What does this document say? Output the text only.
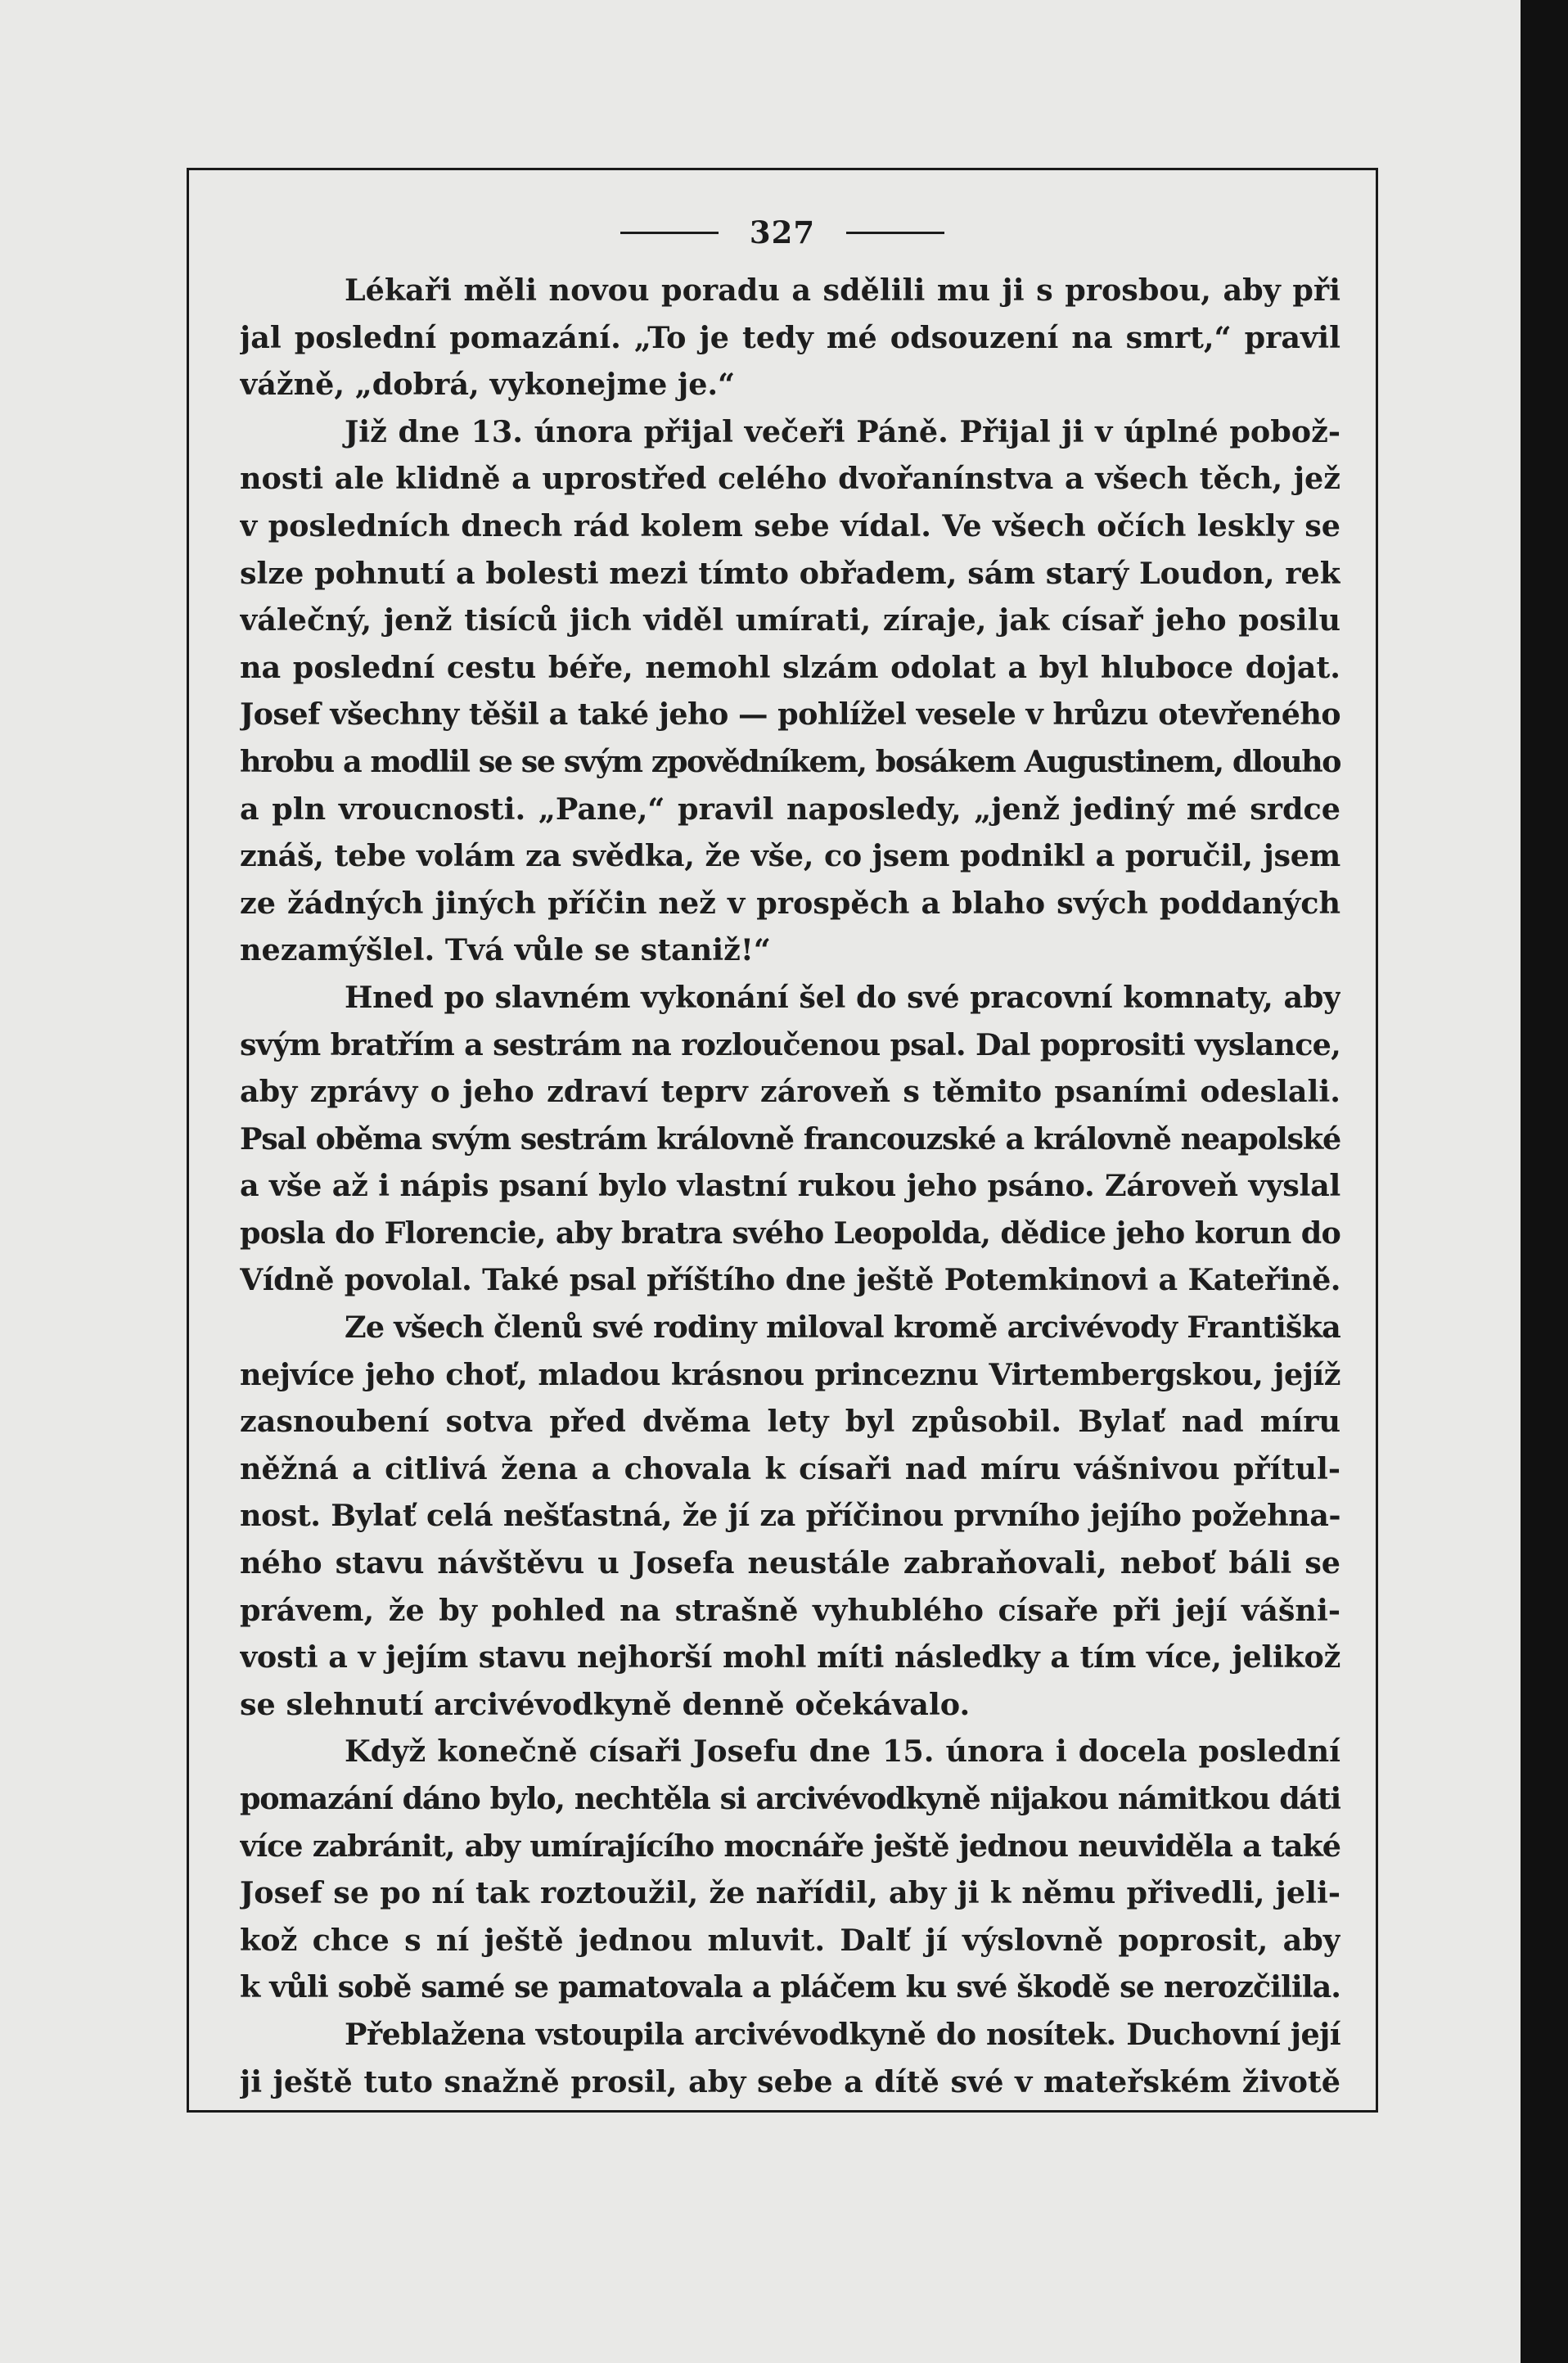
327
Lékaři měli novou poradu a sdělili mu ji s prosbou, aby při
jal poslední pomazání. „To je tedy mé odsouzení na smrt,“ pravil
vážně, „dobrá, vykonejme je.“
Již dne 13. února přijal večeři Páně. Přijal ji v úplné pobož-
nosti ale klidně a uprostřed celého dvořanínstva a všech těch, jež
v posledních dnech rád kolem sebe vídal. Ve všech očích leskly se
slze pohnutí a bolesti mezi tímto obřadem, sám starý Loudon, rek
válečný, jenž tisíců jich viděl umírati, zíraje, jak císař jeho posilu
na poslední cestu béře, nemohl slzám odolat a byl hluboce dojat.
Josef všechny těšil a také jeho — pohlížel vesele v hrůzu otevřeného
hrobu a modlil se se svým zpovědníkem, bosákem Augustinem, dlouho
a pln vroucnosti. „Pane,“ pravil naposledy, „jenž jediný mé srdce
znáš, tebe volám za svědka, že vše, co jsem podnikl a poručil, jsem
ze žádných jiných příčin než v prospěch a blaho svých poddaných
nezamýšlel. Tvá vůle se staniž!“
Hned po slavném vykonání šel do své pracovní komnaty, aby
svým bratřím a sestrám na rozloučenou psal. Dal poprositi vyslance,
aby zprávy o jeho zdraví teprv zároveň s těmito psaními odeslali.
Psal oběma svým sestrám královně francouzské a královně neapolské
a vše až i nápis psaní bylo vlastní rukou jeho psáno. Zároveň vyslal
posla do Florencie, aby bratra svého Leopolda, dědice jeho korun do
Vídně povolal. Také psal příštího dne ještě Potemkinovi a Kateřině.
Ze všech členů své rodiny miloval kromě arcivévody Františka
nejvíce jeho choť, mladou krásnou princeznu Virtembergskou, jejíž
zasnoubení sotva před dvěma lety byl způsobil. Bylať nad míru
něžná a citlivá žena a chovala k císaři nad míru vášnivou přítul-
nost. Bylať celá nešťastná, že jí za příčinou prvního jejího požehna-
ného stavu návštěvu u Josefa neustále zabraňovali, neboť báli se
právem, že by pohled na strašně vyhublého císaře při její vášni-
vosti a v jejím stavu nejhorší mohl míti následky a tím více, jelikož
se slehnutí arcivévodkyně denně očekávalo.
Když konečně císaři Josefu dne 15. února i docela poslední
pomazání dáno bylo, nechtěla si arcivévodkyně nijakou námitkou dáti
více zabránit, aby umírajícího mocnáře ještě jednou neuviděla a také
Josef se po ní tak roztoužil, že nařídil, aby ji k němu přivedli, jeli-
kož chce s ní ještě jednou mluvit. Dalť jí výslovně poprosit, aby
k vůli sobě samé se pamatovala a pláčem ku své škodě se nerozčilila.
Přeblažena vstoupila arcivévodkyně do nosítek. Duchovní její
ji ještě tuto snažně prosil, aby sebe a dítě své v mateřském životě
